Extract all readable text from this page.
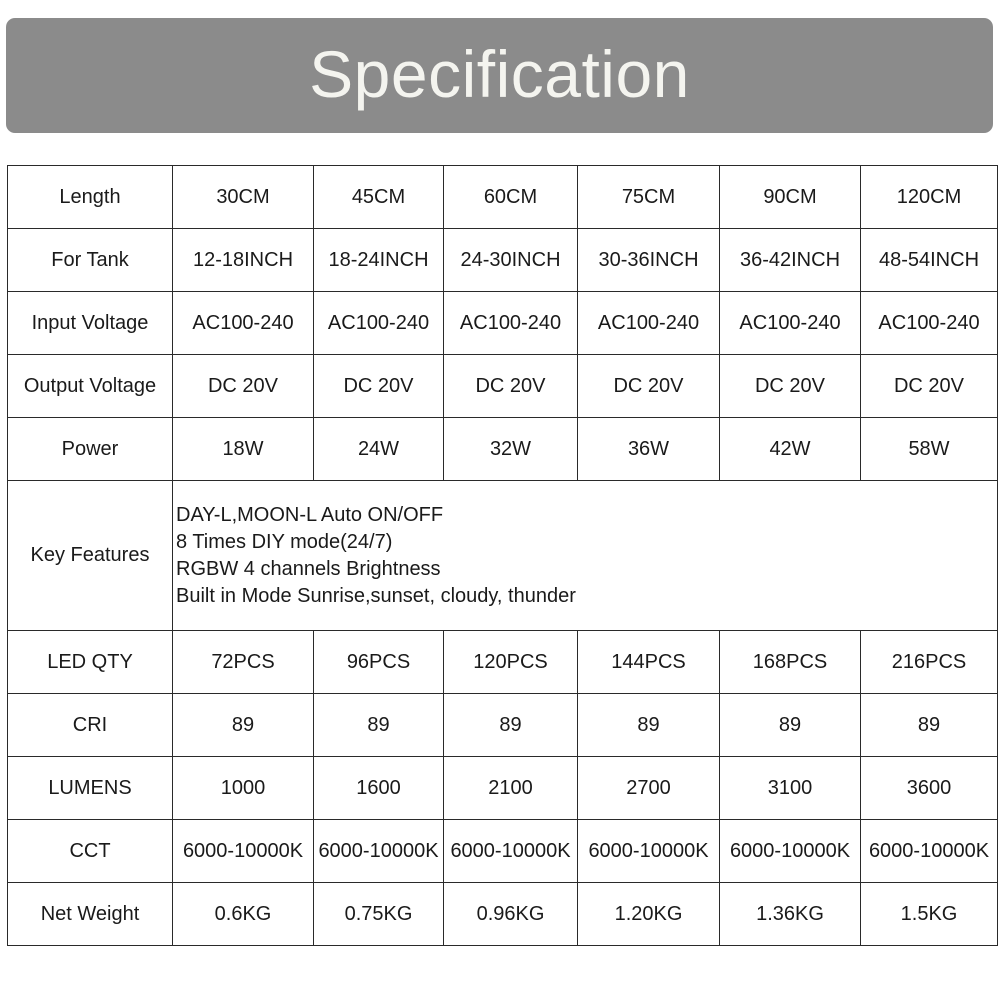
Specification
Length	30CM	45CM	60CM	75CM	90CM	120CM
For Tank	12-18INCH	18-24INCH	24-30INCH	30-36INCH	36-42INCH	48-54INCH
Input Voltage	AC100-240	AC100-240	AC100-240	AC100-240	AC100-240	AC100-240
Output Voltage	DC 20V	DC 20V	DC 20V	DC 20V	DC 20V	DC 20V
Power	18W	24W	32W	36W	42W	58W
Key Features	DAY-L,MOON-L Auto ON/OFF
8 Times DIY mode(24/7)
RGBW 4 channels Brightness
Built in Mode Sunrise,sunset, cloudy, thunder					

LED QTY	72PCS	96PCS	120PCS	144PCS	168PCS	216PCS
CRI	89	89	89	89	89	89
LUMENS	1000	1600	2100	2700	3100	3600
CCT	6000-10000K	6000-10000K	6000-10000K	6000-10000K	6000-10000K	6000-10000K
Net Weight	0.6KG	0.75KG	0.96KG	1.20KG	1.36KG	1.5KG
